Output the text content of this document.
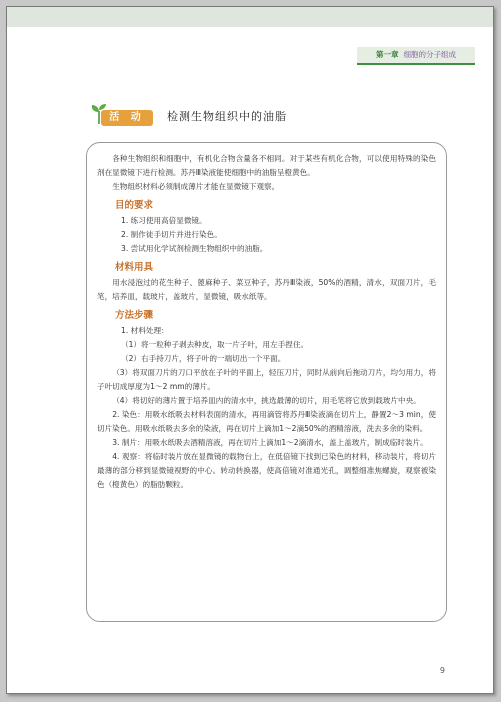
第一章 细胞的分子组成
活 动	检测生物组织中的油脂

各种生物组织和细胞中，有机化合物含量各不相同。对于某些有机化合物，可以使用特殊的染色剂在显微镜下进行检测。苏丹Ⅲ染液能使细胞中的油脂呈橙黄色。

生物组织材料必须制成薄片才能在显微镜下观察。

目的要求
1. 练习使用高倍显微镜。
2. 制作徒手切片并进行染色。
3. 尝试用化学试剂检测生物组织中的油脂。
材料用具

用水浸泡过的花生种子、蓖麻种子、菜豆种子，苏丹Ⅲ染液，50%的酒精，清水，双面刀片，毛笔，培养皿，载玻片，盖玻片，显微镜，吸水纸等。

方法步骤
1. 材料处理：
（1）将一粒种子剥去种皮，取一片子叶，用左手捏住。
（2）右手持刀片，将子叶的一端切出一个平面。

（3）将双面刀片的刀口平放在子叶的平面上，轻压刀片，同时从前向后拖动刀片，均匀用力，将子叶切成厚度为1～2 mm的薄片。

（4）将切好的薄片置于培养皿内的清水中，挑选最薄的切片，用毛笔将它放到载玻片中央。

2. 染色：用吸水纸吸去材料表面的清水，再用滴管将苏丹Ⅲ染液滴在切片上，静置2～3 min，使切片染色。用吸水纸吸去多余的染液，再在切片上滴加1～2滴50%的酒精溶液，洗去多余的染料。

3. 制片：用吸水纸吸去酒精溶液，再在切片上滴加1～2滴清水，盖上盖玻片，制成临时装片。

4. 观察：将临时装片放在显微镜的载物台上，在低倍镜下找到已染色的材料，移动装片，将切片最薄的部分移到显微镜视野的中心。转动转换器，使高倍镜对准通光孔，调整细准焦螺旋，观察被染色（橙黄色）的脂肪颗粒。

9
